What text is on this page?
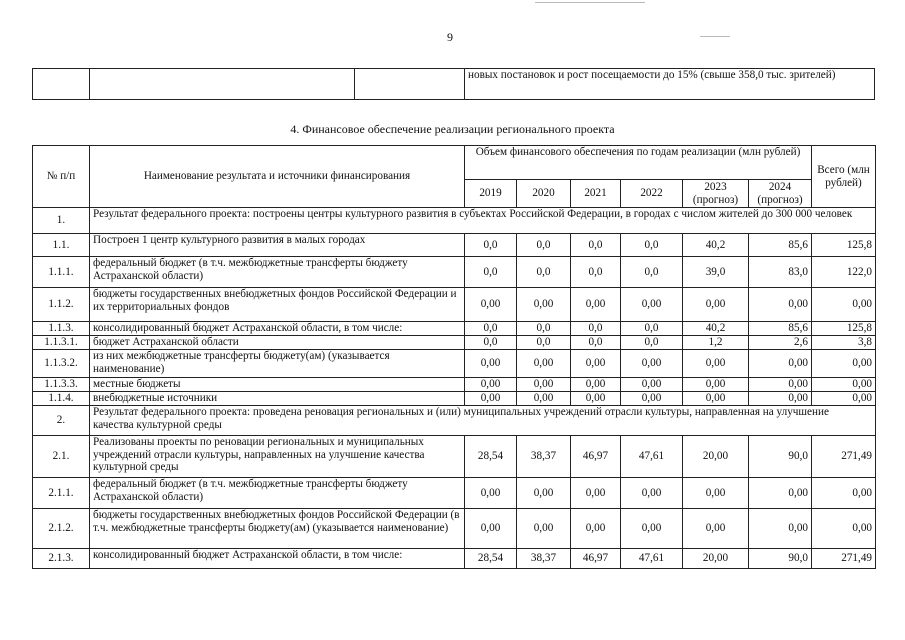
9
			новых постановок и рост посещаемости до 15% (свыше 358,0 тыс. зрителей)
4. Финансовое обеспечение реализации регионального проекта
№ п/п	Наименование результата и источники финансирования	Объем финансового обеспечения по годам реализации (млн рублей)						Всего (млн рублей)
		2019	2020	2021	2022	2023 (прогноз)	2024 (прогноз)	
1.	Результат федерального проекта: построены центры культурного развития в субъектах Российской Федерации, в городах с числом жителей до 300 000 человек							
1.1.	Построен 1 центр культурного развития в малых городах	0,0	0,0	0,0	0,0	40,2	85,6	125,8
1.1.1.	федеральный бюджет (в т.ч. межбюджетные трансферты бюджету Астраханской области)	0,0	0,0	0,0	0,0	39,0	83,0	122,0
1.1.2.	бюджеты государственных внебюджетных фондов Российской Федерации и их территориальных фондов	0,00	0,00	0,00	0,00	0,00	0,00	0,00
1.1.3.	консолидированный бюджет Астраханской области, в том числе:	0,0	0,0	0,0	0,0	40,2	85,6	125,8
1.1.3.1.	бюджет Астраханской области	0,0	0,0	0,0	0,0	1,2	2,6	3,8
1.1.3.2.	из них межбюджетные трансферты бюджету(ам) (указывается наименование)	0,00	0,00	0,00	0,00	0,00	0,00	0,00
1.1.3.3.	местные бюджеты	0,00	0,00	0,00	0,00	0,00	0,00	0,00
1.1.4.	внебюджетные источники	0,00	0,00	0,00	0,00	0,00	0,00	0,00
2.	Результат федерального проекта: проведена реновация региональных и (или) муниципальных учреждений отрасли культуры, направленная на улучшение качества культурной среды							
2.1.	Реализованы проекты по реновации региональных и муниципальных учреждений отрасли культуры, направленных на улучшение качества культурной среды	28,54	38,37	46,97	47,61	20,00	90,0	271,49
2.1.1.	федеральный бюджет (в т.ч. межбюджетные трансферты бюджету Астраханской области)	0,00	0,00	0,00	0,00	0,00	0,00	0,00
2.1.2.	бюджеты государственных внебюджетных фондов Российской Федерации (в т.ч. межбюджетные трансферты бюджету(ам) (указывается наименование)	0,00	0,00	0,00	0,00	0,00	0,00	0,00
2.1.3.	консолидированный бюджет Астраханской области, в том числе:	28,54	38,37	46,97	47,61	20,00	90,0	271,49
